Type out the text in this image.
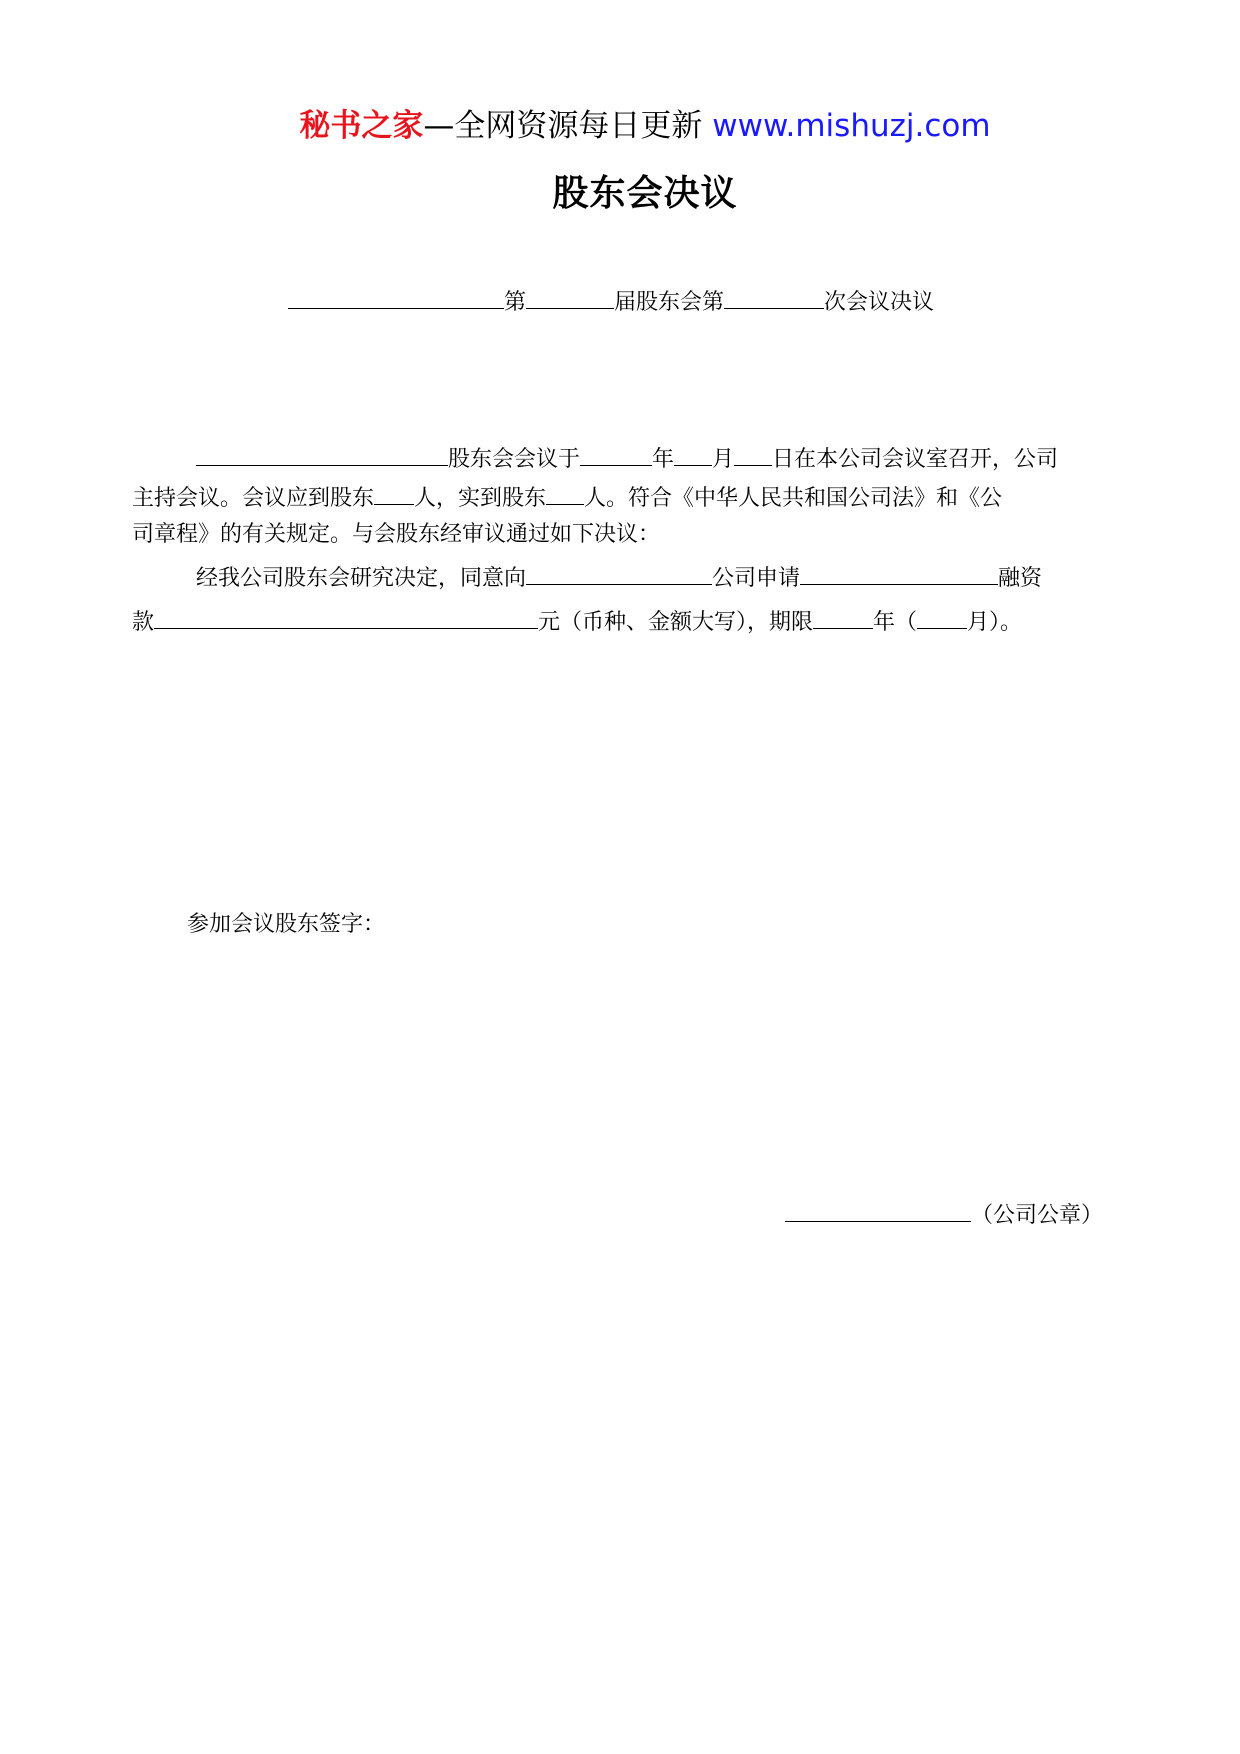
秘书之家—全网资源每日更新 www.mishuzj.com
股东会决议
第	届股东会第	次会议决议
股东会会议于	年 月 日在本公司会议室召开，公司
主持会议。会议应到股东 人，实到股东 人。符合《中华人民共和国公司法》和《公
司章程》的有关规定。与会股东经审议通过如下决议：
经我公司股东会研究决定，同意向	公司申请	融资
款	元（币种、金额大写），期限	年（ 月）。
参加会议股东签字：
（公司公章）
